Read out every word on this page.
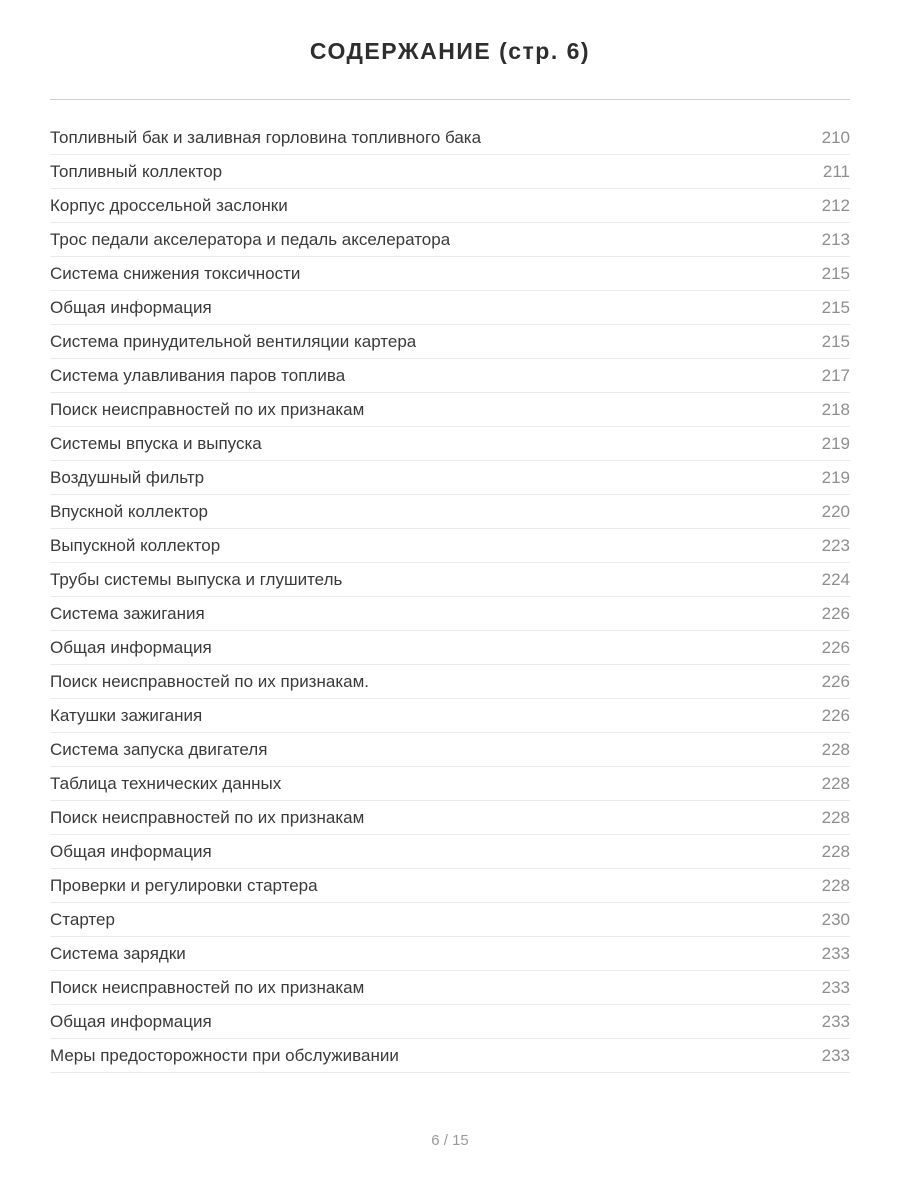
СОДЕРЖАНИЕ (стр. 6)
Топливный бак и заливная горловина топливного бака	210
Топливный коллектор	211
Корпус дроссельной заслонки	212
Трос педали акселератора и педаль акселератора	213
Система снижения токсичности	215
Общая информация	215
Система принудительной вентиляции картера	215
Система улавливания паров топлива	217
Поиск неисправностей по их признакам	218
Системы впуска и выпуска	219
Воздушный фильтр	219
Впускной коллектор	220
Выпускной коллектор	223
Трубы системы выпуска и глушитель	224
Система зажигания	226
Общая информация	226
Поиск неисправностей по их признакам.	226
Катушки зажигания	226
Система запуска двигателя	228
Таблица технических данных	228
Поиск неисправностей по их признакам	228
Общая информация	228
Проверки и регулировки стартера	228
Стартер	230
Система зарядки	233
Поиск неисправностей по их признакам	233
Общая информация	233
Меры предосторожности при обслуживании	233
6 / 15
